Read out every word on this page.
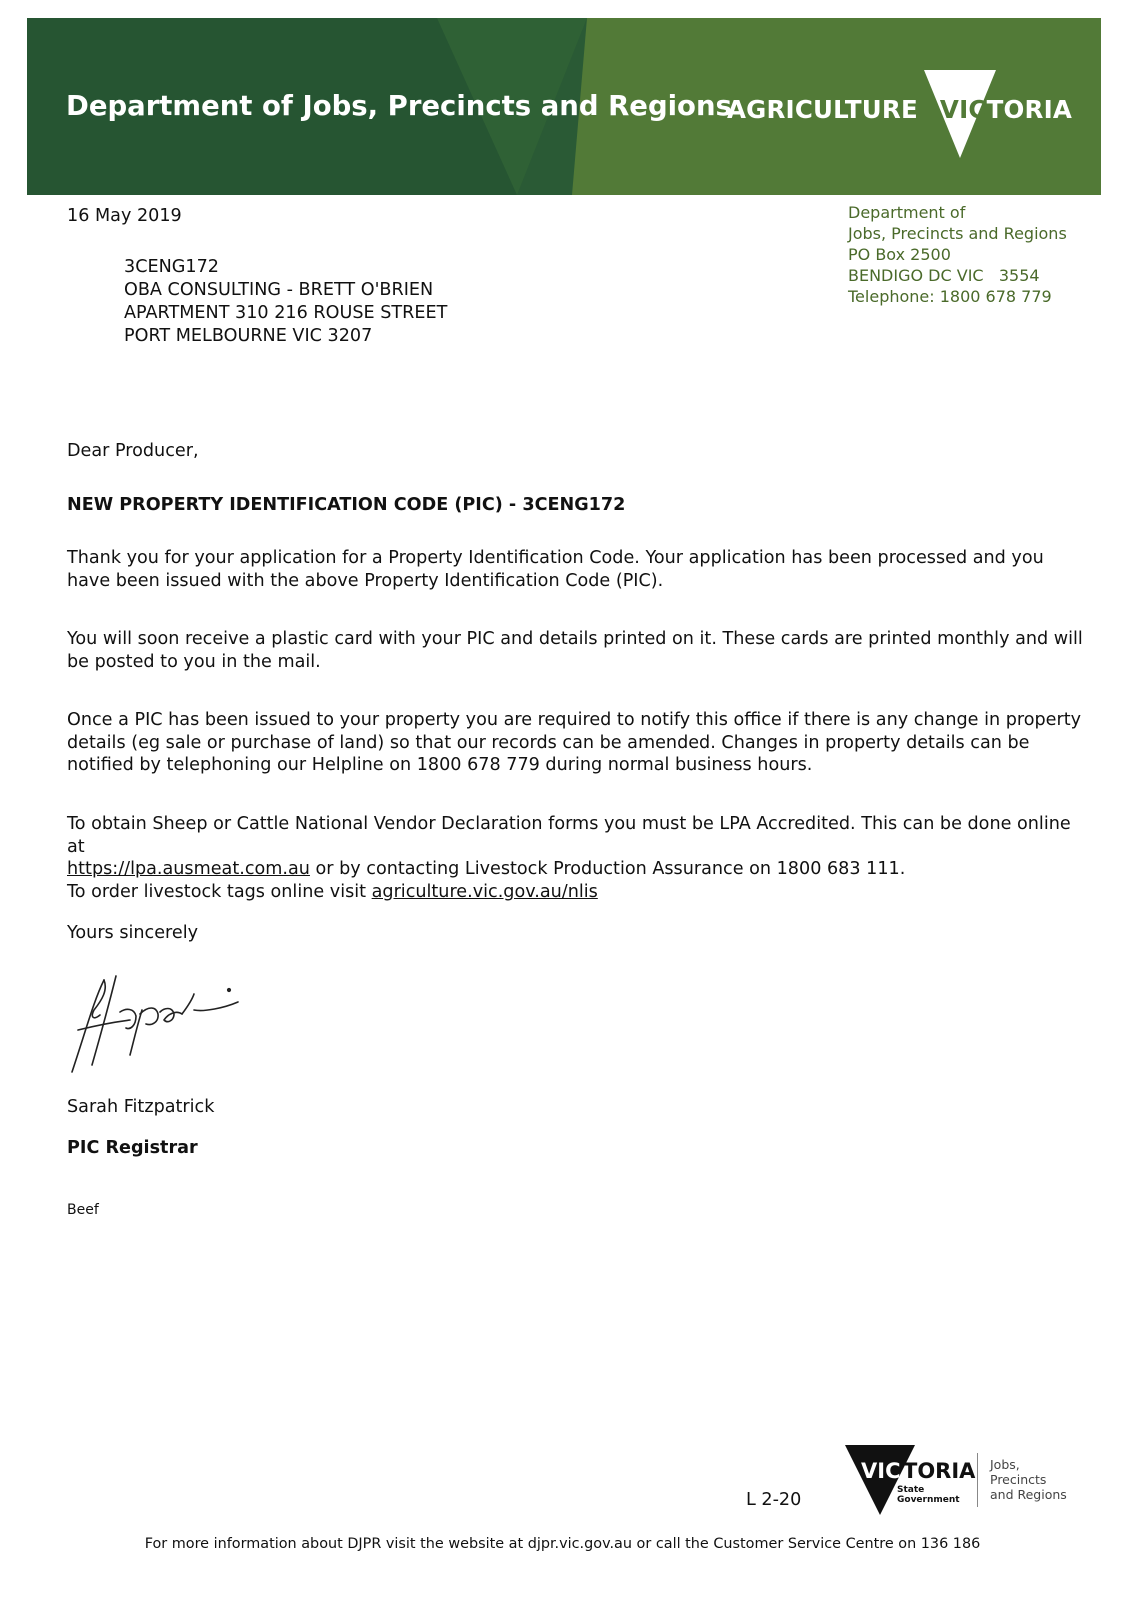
Department of Jobs, Precincts and Regions
AGRICULTURE VICTORIA
16 May 2019	Department of
Jobs, Precincts and Regions
PO Box 2500
BENDIGO DC VIC   3554
Telephone: 1800 678 779
3CENG172
OBA CONSULTING - BRETT O'BRIEN
APARTMENT 310 216 ROUSE STREET
PORT MELBOURNE VIC 3207
Dear Producer,
NEW PROPERTY IDENTIFICATION CODE (PIC) - 3CENG172
Thank you for your application for a Property Identification Code. Your application has been processed and you have been issued with the above Property Identification Code (PIC).
You will soon receive a plastic card with your PIC and details printed on it. These cards are printed monthly and will be posted to you in the mail.
Once a PIC has been issued to your property you are required to notify this office if there is any change in property details (eg sale or purchase of land) so that our records can be amended. Changes in property details can be notified by telephoning our Helpline on 1800 678 779 during normal business hours.
To obtain Sheep or Cattle National Vendor Declaration forms you must be LPA Accredited. This can be done online at
https://lpa.ausmeat.com.au or by contacting Livestock Production Assurance on 1800 683 111.
To order livestock tags online visit agriculture.vic.gov.au/nlis
Yours sincerely
Sarah Fitzpatrick
PIC Registrar
Beef
L 2-20
VIC TORIA
State
Government
Jobs,
Precincts
and Regions
For more information about DJPR visit the website at djpr.vic.gov.au or call the Customer Service Centre on 136 186
